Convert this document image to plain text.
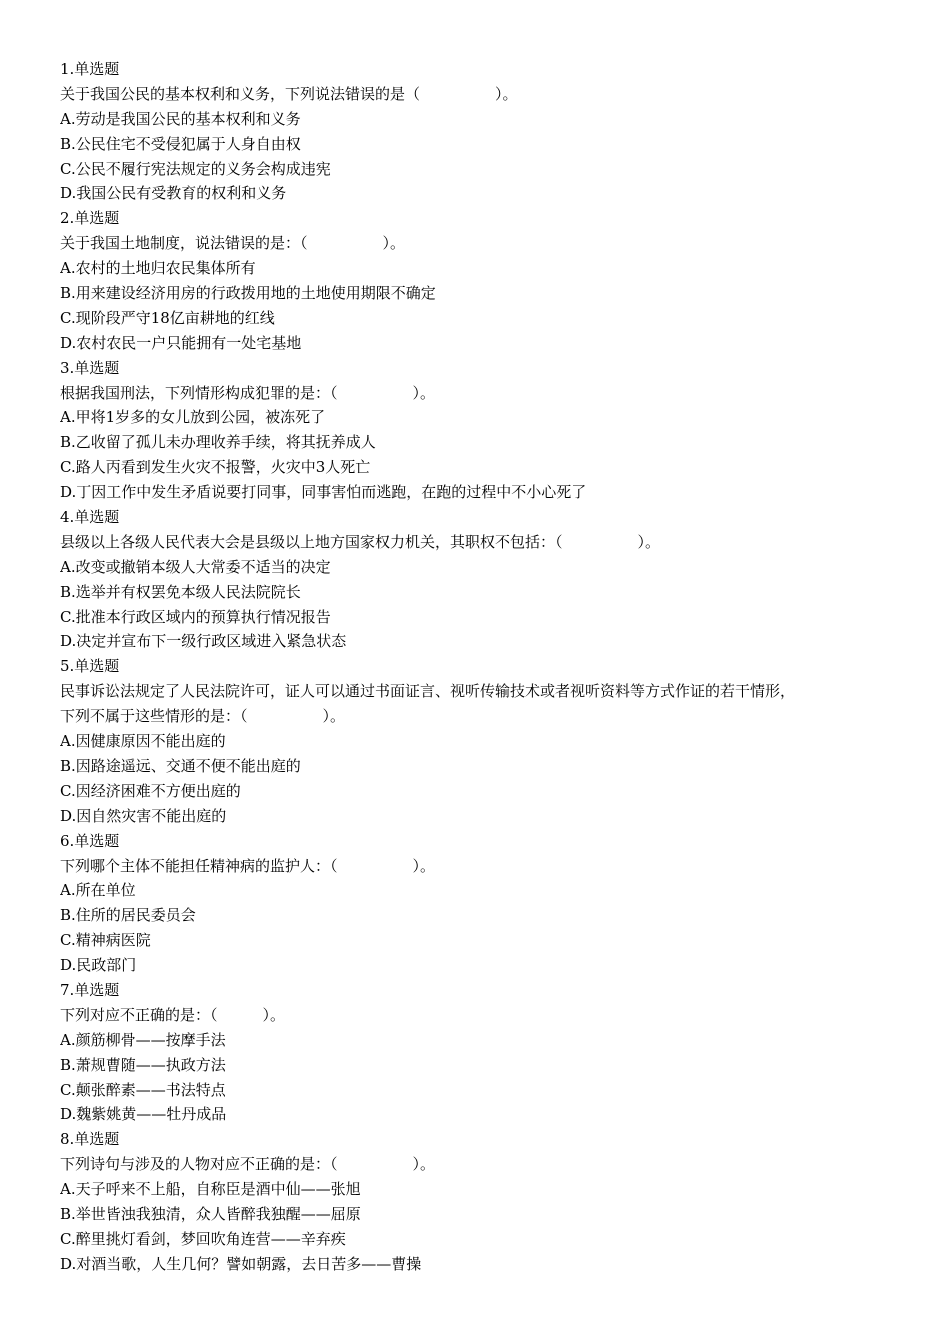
1.单选题
关于我国公民的基本权利和义务，下列说法错误的是（　　　　　）。
A.劳动是我国公民的基本权利和义务
B.公民住宅不受侵犯属于人身自由权
C.公民不履行宪法规定的义务会构成违宪
D.我国公民有受教育的权利和义务
2.单选题
关于我国土地制度，说法错误的是：（　　　　　）。
A.农村的土地归农民集体所有
B.用来建设经济用房的行政拨用地的土地使用期限不确定
C.现阶段严守18亿亩耕地的红线
D.农村农民一户只能拥有一处宅基地
3.单选题
根据我国刑法，下列情形构成犯罪的是：（　　　　　）。
A.甲将1岁多的女儿放到公园，被冻死了
B.乙收留了孤儿未办理收养手续，将其抚养成人
C.路人丙看到发生火灾不报警，火灾中3人死亡
D.丁因工作中发生矛盾说要打同事，同事害怕而逃跑，在跑的过程中不小心死了
4.单选题
县级以上各级人民代表大会是县级以上地方国家权力机关，其职权不包括：（　　　　　）。
A.改变或撤销本级人大常委不适当的决定
B.选举并有权罢免本级人民法院院长
C.批准本行政区域内的预算执行情况报告
D.决定并宣布下一级行政区域进入紧急状态
5.单选题
民事诉讼法规定了人民法院许可，证人可以通过书面证言、视听传输技术或者视听资料等方式作证的若干情形，
下列不属于这些情形的是：（　　　　　）。
A.因健康原因不能出庭的
B.因路途遥远、交通不便不能出庭的
C.因经济困难不方便出庭的
D.因自然灾害不能出庭的
6.单选题
下列哪个主体不能担任精神病的监护人：（　　　　　）。
A.所在单位
B.住所的居民委员会
C.精神病医院
D.民政部门
7.单选题
下列对应不正确的是：（　　　）。
A.颜筋柳骨——按摩手法
B.萧规曹随——执政方法
C.颠张醉素——书法特点
D.魏紫姚黄——牡丹成品
8.单选题
下列诗句与涉及的人物对应不正确的是：（　　　　　）。
A.天子呼来不上船，自称臣是酒中仙——张旭
B.举世皆浊我独清，众人皆醉我独醒——屈原
C.醉里挑灯看剑，梦回吹角连营——辛弃疾
D.对酒当歌，人生几何？譬如朝露，去日苦多——曹操
